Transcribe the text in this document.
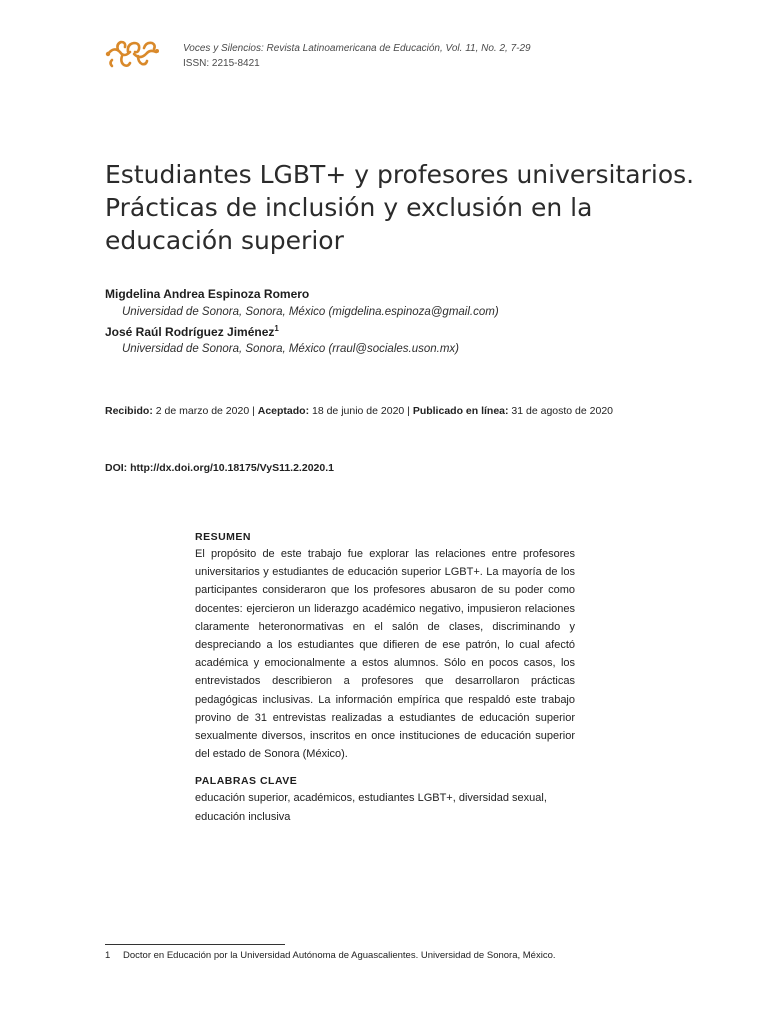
Voces y Silencios: Revista Latinoamericana de Educación, Vol. 11, No. 2, 7-29
ISSN: 2215-8421
Estudiantes LGBT+ y profesores universitarios.
Prácticas de inclusión y exclusión en la
educación superior
Migdelina Andrea Espinoza Romero
Universidad de Sonora, Sonora, México (migdelina.espinoza@gmail.com)
José Raúl Rodríguez Jiménez$^1$
Universidad de Sonora, Sonora, México (rraul@sociales.uson.mx)
Recibido: 2 de marzo de 2020 | Aceptado: 18 de junio de 2020 | Publicado en línea: 31 de agosto de 2020
DOI: http://dx.doi.org/10.18175/VyS11.2.2020.1

RESUMEN

El propósito de este trabajo fue explorar las relaciones entre profesores universitarios y estudiantes de educación superior LGBT+. La mayoría de los participantes consideraron que los profesores abusaron de su poder como docentes: ejercieron un liderazgo académico negativo, impusieron relaciones claramente heteronormativas en el salón de clases, discriminando y despreciando a los estudiantes que difieren de ese patrón, lo cual afectó académica y emocionalmente a estos alumnos. Sólo en pocos casos, los entrevistados describieron a profesores que desarrollaron prácticas pedagógicas inclusivas. La información empírica que respaldó este trabajo provino de 31 entrevistas realizadas a estudiantes de educación superior sexualmente diversos, inscritos en once instituciones de educación superior del estado de Sonora (México).

PALABRAS CLAVE

educación superior, académicos, estudiantes LGBT+, diversidad sexual, educación inclusiva

1 Doctor en Educación por la Universidad Autónoma de Aguascalientes. Universidad de Sonora, México.
